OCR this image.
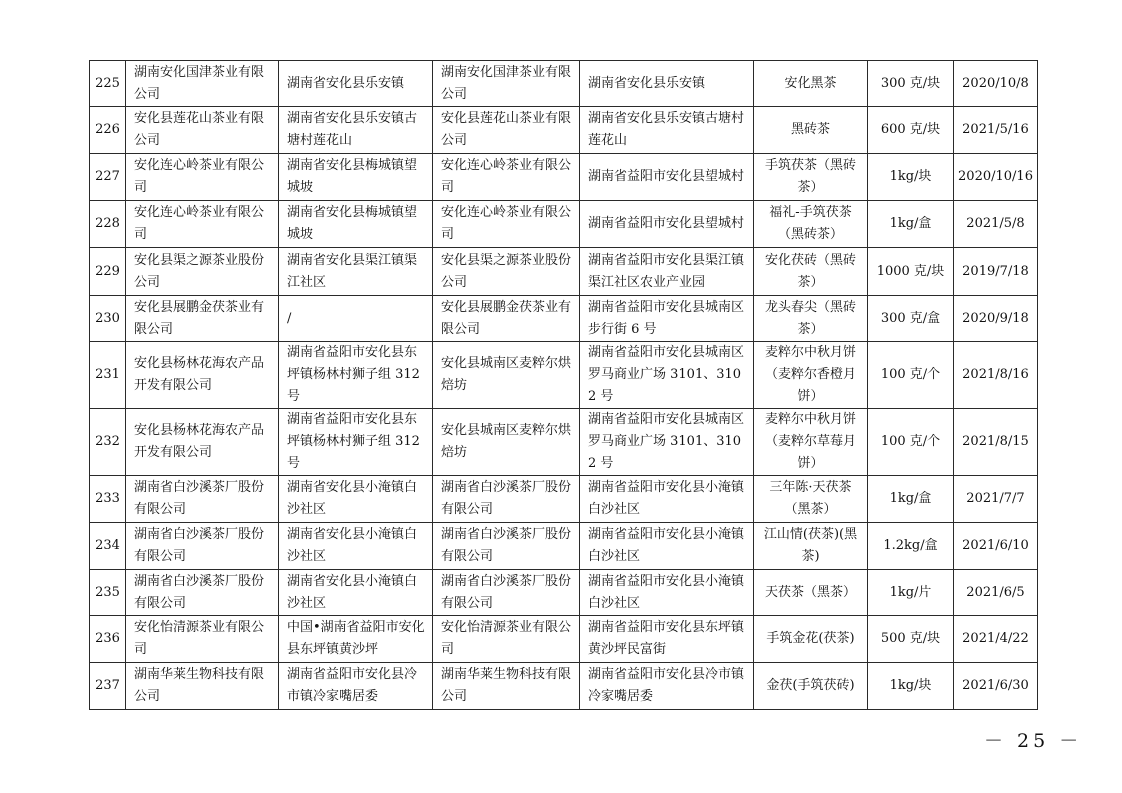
225	湖南安化国津茶业有限公司	湖南省安化县乐安镇	湖南安化国津茶业有限公司	湖南省安化县乐安镇	安化黑茶	300 克/块	2020/10/8
226	安化县莲花山茶业有限公司	湖南省安化县乐安镇古塘村莲花山	安化县莲花山茶业有限公司	湖南省安化县乐安镇古塘村莲花山	黑砖茶	600 克/块	2021/5/16
227	安化连心岭茶业有限公司	湖南省安化县梅城镇望城坡	安化连心岭茶业有限公司	湖南省益阳市安化县望城村	手筑茯茶（黑砖茶）	1kg/块	2020/10/16
228	安化连心岭茶业有限公司	湖南省安化县梅城镇望城坡	安化连心岭茶业有限公司	湖南省益阳市安化县望城村	福礼-手筑茯茶（黑砖茶）	1kg/盒	2021/5/8
229	安化县渠之源茶业股份公司	湖南省安化县渠江镇渠江社区	安化县渠之源茶业股份公司	湖南省益阳市安化县渠江镇渠江社区农业产业园	安化茯砖（黑砖茶）	1000 克/块	2019/7/18
230	安化县展鹏金茯茶业有限公司	/	安化县展鹏金茯茶业有限公司	湖南省益阳市安化县城南区步行街 6 号	龙头春尖（黑砖茶）	300 克/盒	2020/9/18
231	安化县杨林花海农产品开发有限公司	湖南省益阳市安化县东坪镇杨林村狮子组 312 号	安化县城南区麦粹尔烘焙坊	湖南省益阳市安化县城南区罗马商业广场 3101、3102 号	麦粹尔中秋月饼（麦粹尔香橙月饼）	100 克/个	2021/8/16
232	安化县杨林花海农产品开发有限公司	湖南省益阳市安化县东坪镇杨林村狮子组 312 号	安化县城南区麦粹尔烘焙坊	湖南省益阳市安化县城南区罗马商业广场 3101、3102 号	麦粹尔中秋月饼（麦粹尔草莓月饼）	100 克/个	2021/8/15
233	湖南省白沙溪茶厂股份有限公司	湖南省安化县小淹镇白沙社区	湖南省白沙溪茶厂股份有限公司	湖南省益阳市安化县小淹镇白沙社区	三年陈·天茯茶（黑茶）	1kg/盒	2021/7/7
234	湖南省白沙溪茶厂股份有限公司	湖南省安化县小淹镇白沙社区	湖南省白沙溪茶厂股份有限公司	湖南省益阳市安化县小淹镇白沙社区	江山情(茯茶)(黑茶)	1.2kg/盒	2021/6/10
235	湖南省白沙溪茶厂股份有限公司	湖南省安化县小淹镇白沙社区	湖南省白沙溪茶厂股份有限公司	湖南省益阳市安化县小淹镇白沙社区	天茯茶（黑茶）	1kg/片	2021/6/5
236	安化怡清源茶业有限公司	中国•湖南省益阳市安化县东坪镇黄沙坪	安化怡清源茶业有限公司	湖南省益阳市安化县东坪镇黄沙坪民富街	手筑金花(茯茶)	500 克/块	2021/4/22
237	湖南华莱生物科技有限公司	湖南省益阳市安化县冷市镇冷家嘴居委	湖南华莱生物科技有限公司	湖南省益阳市安化县冷市镇冷家嘴居委	金茯(手筑茯砖)	1kg/块	2021/6/30
－ 25 －
